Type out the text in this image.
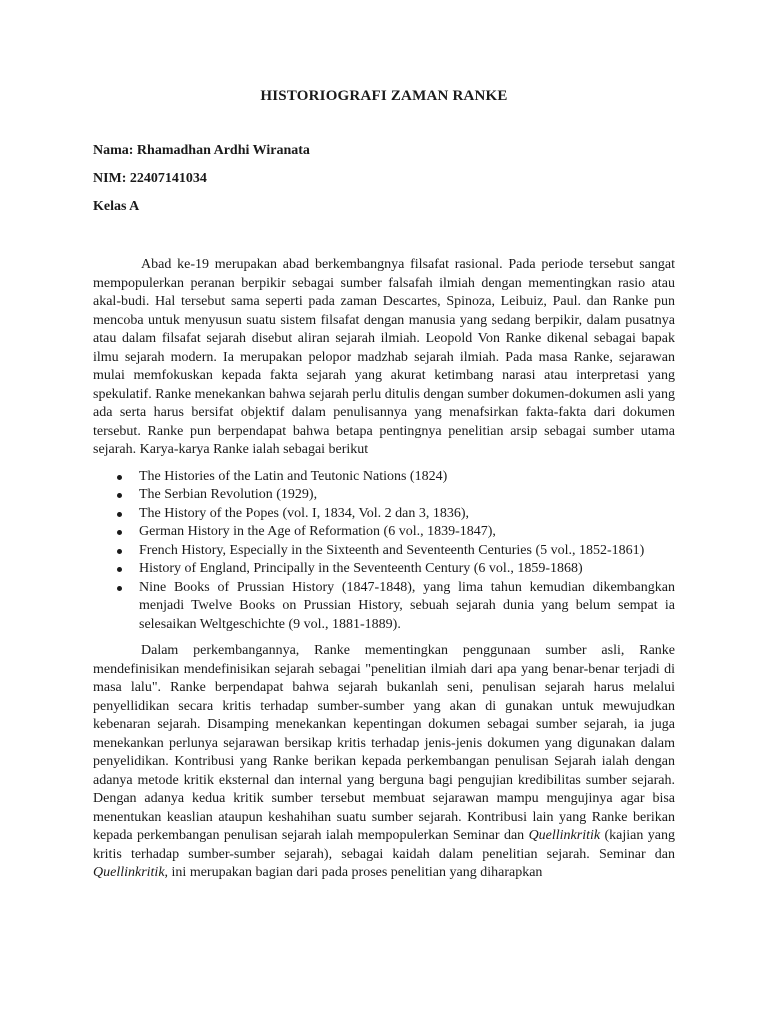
HISTORIOGRAFI ZAMAN RANKE

Nama: Rhamadhan Ardhi Wiranata

NIM: 22407141034

Kelas A

Abad ke-19 merupakan abad berkembangnya filsafat rasional. Pada periode tersebut sangat mempopulerkan peranan berpikir sebagai sumber falsafah ilmiah dengan mementingkan rasio atau akal-budi. Hal tersebut sama seperti pada zaman Descartes, Spinoza, Leibuiz, Paul. dan Ranke pun mencoba untuk menyusun suatu sistem filsafat dengan manusia yang sedang berpikir, dalam pusatnya atau dalam filsafat sejarah disebut aliran sejarah ilmiah. Leopold Von Ranke dikenal sebagai bapak ilmu sejarah modern. Ia merupakan pelopor madzhab sejarah ilmiah. Pada masa Ranke, sejarawan mulai memfokuskan kepada fakta sejarah yang akurat ketimbang narasi atau interpretasi yang spekulatif. Ranke menekankan bahwa sejarah perlu ditulis dengan sumber dokumen-dokumen asli yang ada serta harus bersifat objektif dalam penulisannya yang menafsirkan fakta-fakta dari dokumen tersebut. Ranke pun berpendapat bahwa betapa pentingnya penelitian arsip sebagai sumber utama sejarah. Karya-karya Ranke ialah sebagai berikut

The Histories of the Latin and Teutonic Nations (1824)
The Serbian Revolution (1929),
The History of the Popes (vol. I, 1834, Vol. 2 dan 3, 1836),
German History in the Age of Reformation (6 vol., 1839-1847),
French History, Especially in the Sixteenth and Seventeenth Centuries (5 vol., 1852-1861)
History of England, Principally in the Seventeenth Century (6 vol., 1859-1868)
Nine Books of Prussian History (1847-1848), yang lima tahun kemudian dikembangkan menjadi Twelve Books on Prussian History, sebuah sejarah dunia yang belum sempat ia selesaikan Weltgeschichte (9 vol., 1881-1889).

Dalam perkembangannya, Ranke mementingkan penggunaan sumber asli, Ranke mendefinisikan mendefinisikan sejarah sebagai "penelitian ilmiah dari apa yang benar-benar terjadi di masa lalu". Ranke berpendapat bahwa sejarah bukanlah seni, penulisan sejarah harus melalui penyellidikan secara kritis terhadap sumber-sumber yang akan di gunakan untuk mewujudkan kebenaran sejarah. Disamping menekankan kepentingan dokumen sebagai sumber sejarah, ia juga menekankan perlunya sejarawan bersikap kritis terhadap jenis-jenis dokumen yang digunakan dalam penyelidikan. Kontribusi yang Ranke berikan kepada perkembangan penulisan Sejarah ialah dengan adanya metode kritik eksternal dan internal yang berguna bagi pengujian kredibilitas sumber sejarah. Dengan adanya kedua kritik sumber tersebut membuat sejarawan mampu mengujinya agar bisa menentukan keaslian ataupun keshahihan suatu sumber sejarah. Kontribusi lain yang Ranke berikan kepada perkembangan penulisan sejarah ialah mempopulerkan Seminar dan Quellinkritik (kajian yang kritis terhadap sumber-sumber sejarah), sebagai kaidah dalam penelitian sejarah. Seminar dan Quellinkritik, ini merupakan bagian dari pada proses penelitian yang diharapkan
